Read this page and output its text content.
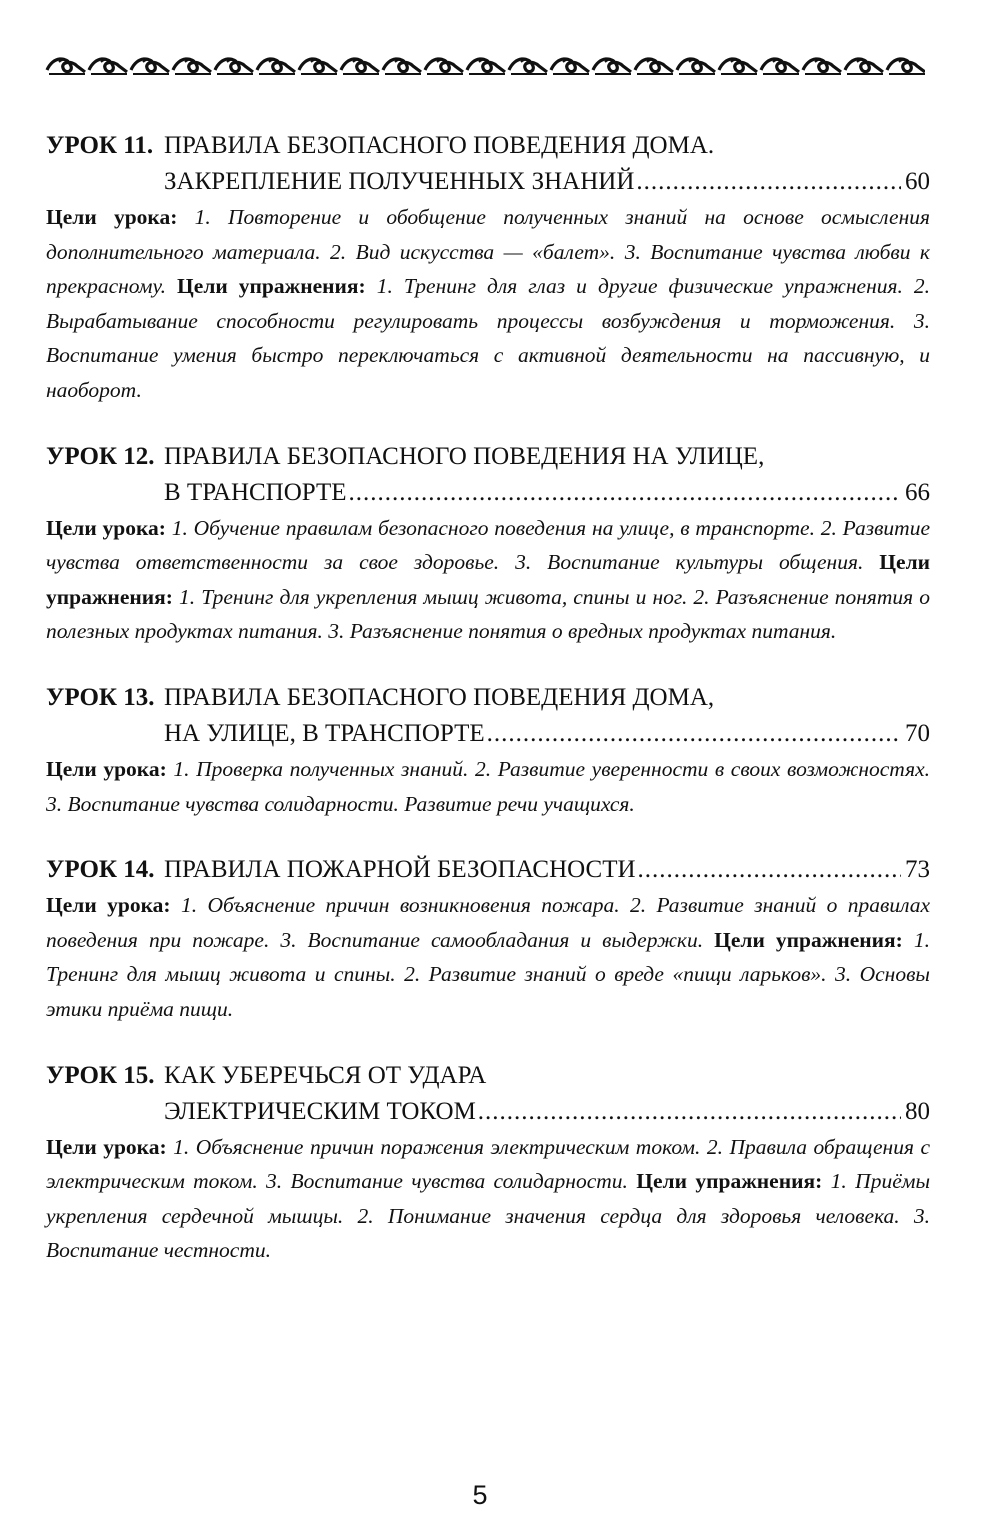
УРОК 11. ПРАВИЛА БЕЗОПАСНОГО ПОВЕДЕНИЯ ДОМА.
ЗАКРЕПЛЕНИЕ ПОЛУЧЕННЫХ ЗНАНИЙ .....	60
Цели урока: 1. Повторение и обобщение полученных знаний на основе осмысления дополнительного материала. 2. Вид искусства — «балет». 3. Воспитание чувства любви к прекрасному. Цели упражнения: 1. Тренинг для глаз и другие физические упражнения. 2. Вырабатывание способности регулировать процессы возбуждения и торможения. 3. Воспитание умения быстро переключаться с активной деятельности на пассивную, и наоборот.
УРОК 12. ПРАВИЛА БЕЗОПАСНОГО ПОВЕДЕНИЯ НА УЛИЦЕ,
В ТРАНСПОРТЕ .....	66
Цели урока: 1. Обучение правилам безопасного поведения на улице, в транспорте. 2. Развитие чувства ответственности за свое здоровье. 3. Воспитание культуры общения. Цели упражнения: 1. Тренинг для укрепления мышц живота, спины и ног. 2. Разъяснение понятия о полезных продуктах питания. 3. Разъяснение понятия о вредных продуктах питания.
УРОК 13. ПРАВИЛА БЕЗОПАСНОГО ПОВЕДЕНИЯ ДОМА,
НА УЛИЦЕ, В ТРАНСПОРТЕ .....	70
Цели урока: 1. Проверка полученных знаний. 2. Развитие уверенности в своих возможностях. 3. Воспитание чувства солидарности. Развитие речи учащихся.
УРОК 14. ПРАВИЛА ПОЖАРНОЙ БЕЗОПАСНОСТИ .....	73
Цели урока: 1. Объяснение причин возникновения пожара. 2. Развитие знаний о правилах поведения при пожаре. 3. Воспитание самообладания и выдержки. Цели упражнения: 1. Тренинг для мышц живота и спины. 2. Развитие знаний о вреде «пищи ларьков». 3. Основы этики приёма пищи.
УРОК 15. КАК УБЕРЕЧЬСЯ ОТ УДАРА
ЭЛЕКТРИЧЕСКИМ ТОКОМ .....	80
Цели урока: 1. Объяснение причин поражения электрическим током. 2. Правила обращения с электрическим током. 3. Воспитание чувства солидарности. Цели упражнения: 1. Приёмы укрепления сердечной мышцы. 2. Понимание значения сердца для здоровья человека. 3. Воспитание честности.
5
